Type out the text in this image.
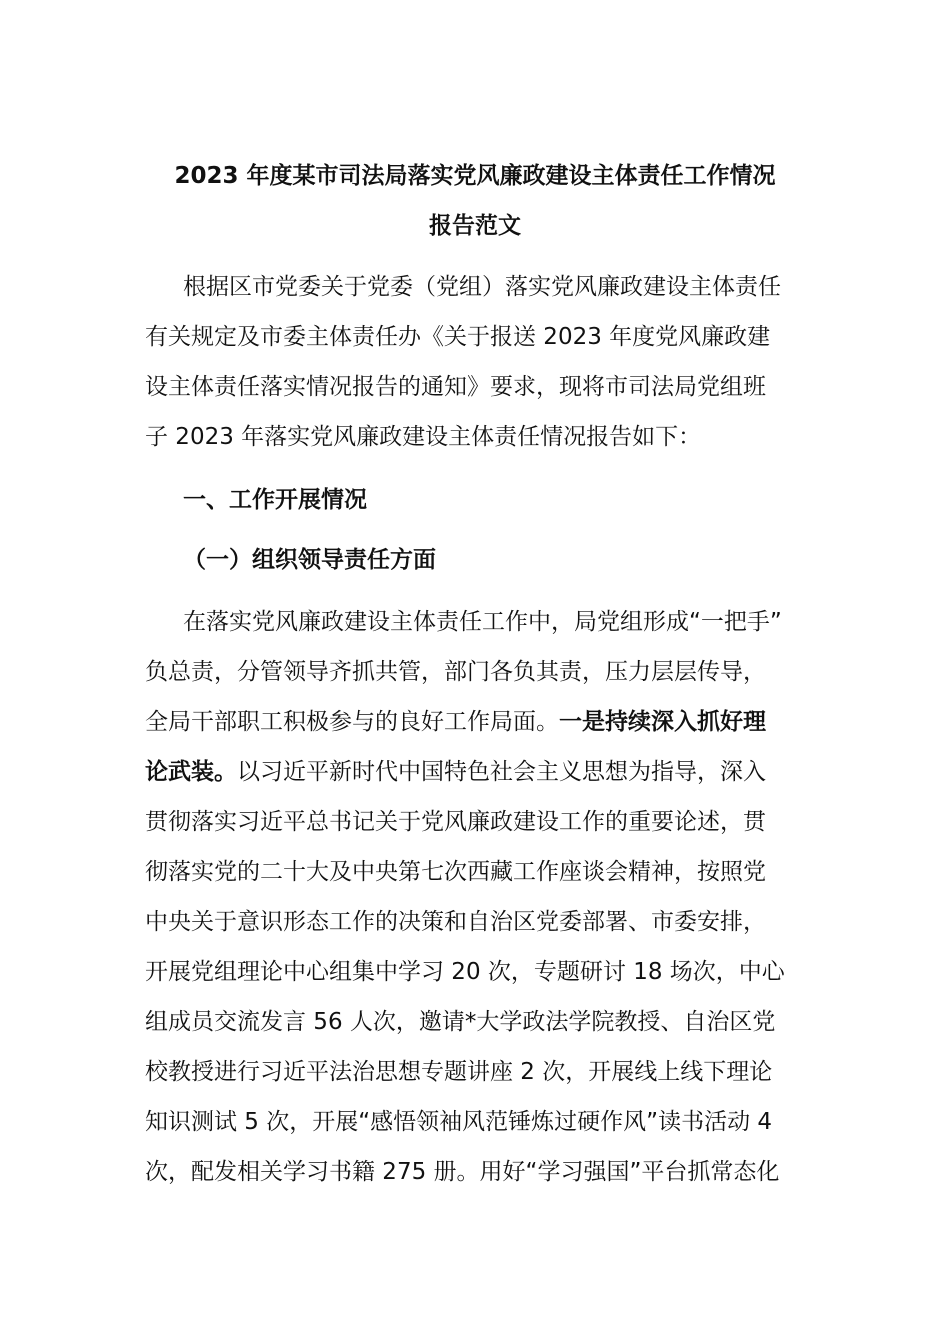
2023 年度某市司法局落实党风廉政建设主体责任工作情况
报告范文
根据区市党委关于党委（党组）落实党风廉政建设主体责任
有关规定及市委主体责任办《关于报送 2023 年度党风廉政建
设主体责任落实情况报告的通知》要求，现将市司法局党组班
子 2023 年落实党风廉政建设主体责任情况报告如下：
一、工作开展情况
（一）组织领导责任方面
在落实党风廉政建设主体责任工作中，局党组形成“一把手”
负总责，分管领导齐抓共管，部门各负其责，压力层层传导，
全局干部职工积极参与的良好工作局面。一是持续深入抓好理
论武装。以习近平新时代中国特色社会主义思想为指导，深入
贯彻落实习近平总书记关于党风廉政建设工作的重要论述，贯
彻落实党的二十大及中央第七次西藏工作座谈会精神，按照党
中央关于意识形态工作的决策和自治区党委部署、市委安排，
开展党组理论中心组集中学习 20 次，专题研讨 18 场次，中心
组成员交流发言 56 人次，邀请*大学政法学院教授、自治区党
校教授进行习近平法治思想专题讲座 2 次，开展线上线下理论
知识测试 5 次，开展“感悟领袖风范锤炼过硬作风”读书活动 4
次，配发相关学习书籍 275 册。用好“学习强国”平台抓常态化
